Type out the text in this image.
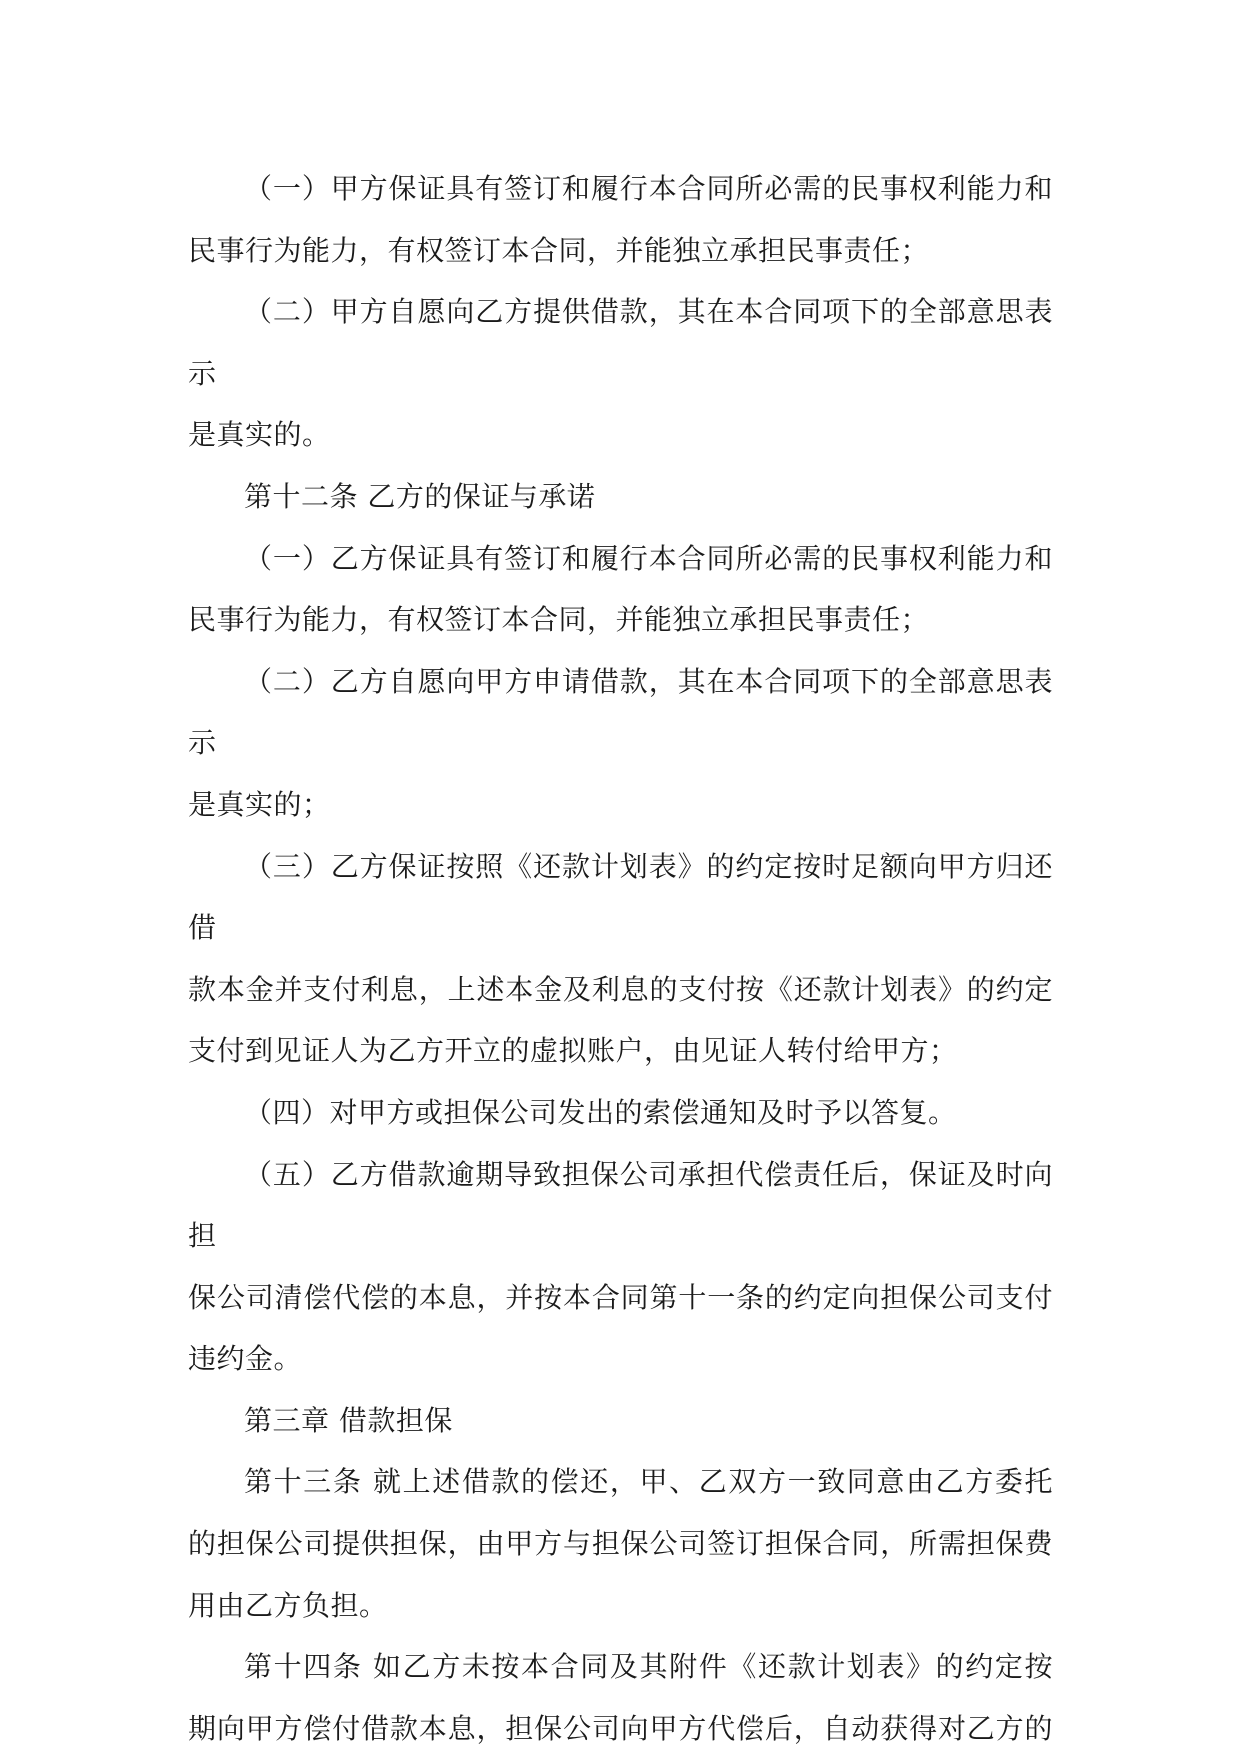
（一）甲方保证具有签订和履行本合同所必需的民事权利能力和
民事行为能力，有权签订本合同，并能独立承担民事责任；

（二）甲方自愿向乙方提供借款，其在本合同项下的全部意思表示
是真实的。

第十二条 乙方的保证与承诺

（一）乙方保证具有签订和履行本合同所必需的民事权利能力和
民事行为能力，有权签订本合同，并能独立承担民事责任；

（二）乙方自愿向甲方申请借款，其在本合同项下的全部意思表示
是真实的；

（三）乙方保证按照《还款计划表》的约定按时足额向甲方归还借
款本金并支付利息，上述本金及利息的支付按《还款计划表》的约定
支付到见证人为乙方开立的虚拟账户，由见证人转付给甲方；

（四）对甲方或担保公司发出的索偿通知及时予以答复。

（五）乙方借款逾期导致担保公司承担代偿责任后，保证及时向担
保公司清偿代偿的本息，并按本合同第十一条的约定向担保公司支付
违约金。

第三章 借款担保

第十三条 就上述借款的偿还，甲、乙双方一致同意由乙方委托
的担保公司提供担保，由甲方与担保公司签订担保合同，所需担保费
用由乙方负担。

第十四条 如乙方未按本合同及其附件《还款计划表》的约定按
期向甲方偿付借款本息，担保公司向甲方代偿后，自动获得对乙方的
